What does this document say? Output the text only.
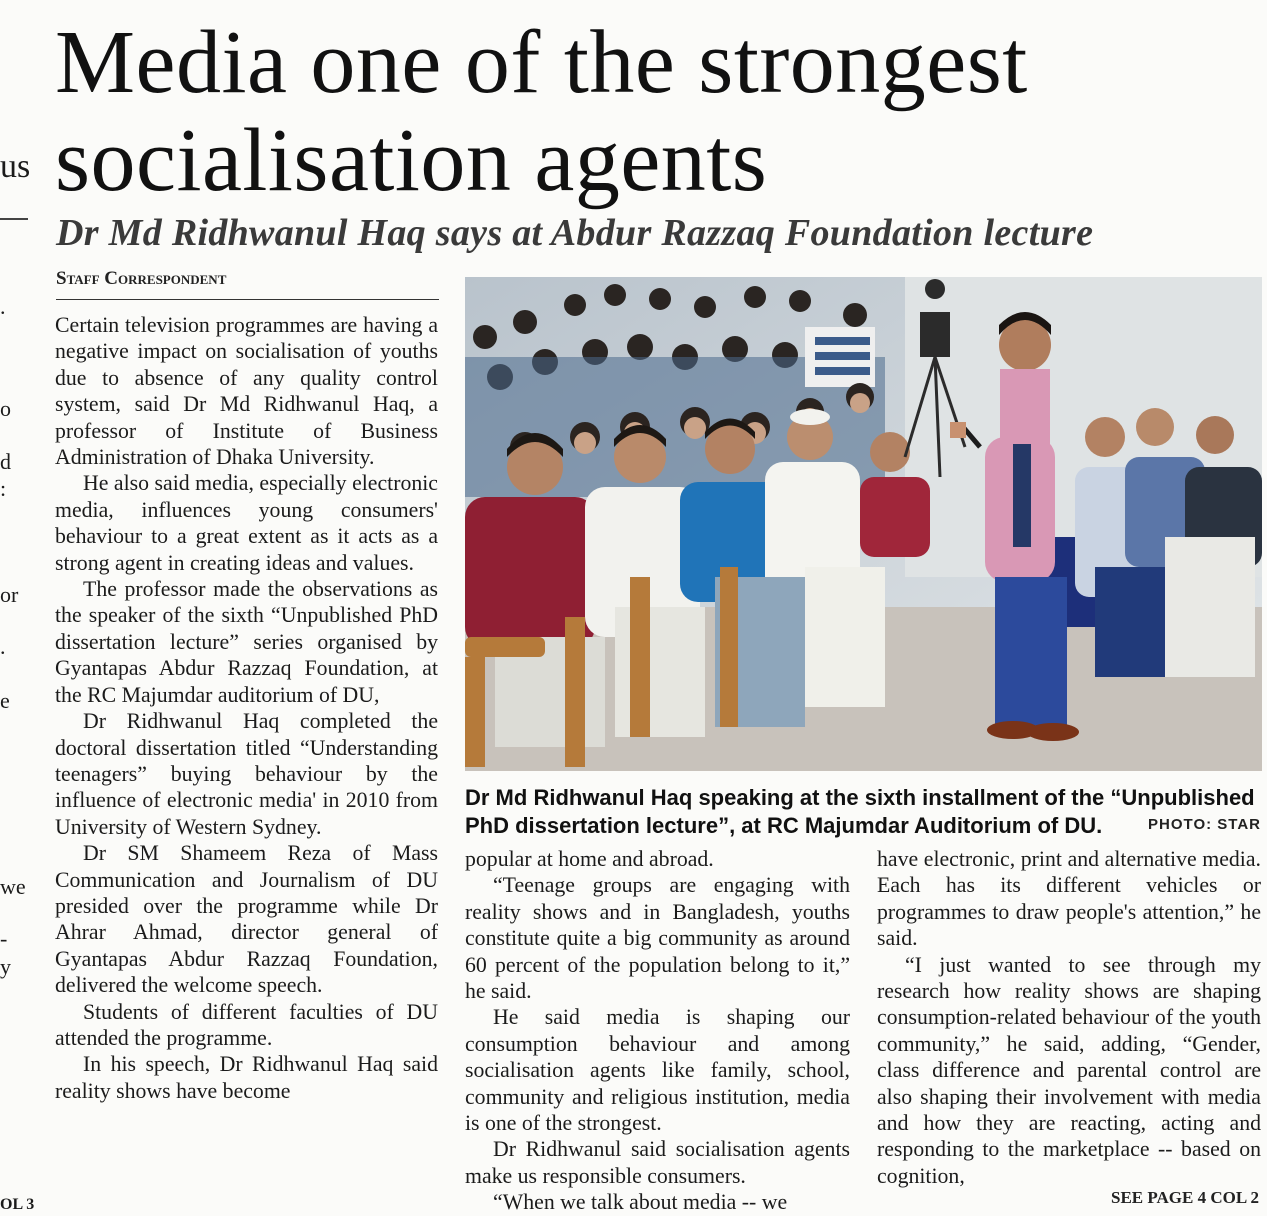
us
.
o
d
:
or
.
e
we
-
y
OL 3
Media one of the strongest socialisation agents
Dr Md Ridhwanul Haq says at Abdur Razzaq Foundation lecture
Staff Correspondent

Certain television programmes are having a negative impact on socialisation of youths due to absence of any quality control system, said Dr Md Ridhwanul Haq, a professor of Institute of Business Administration of Dhaka University.

He also said media, especially electronic media, influences young consumers' behaviour to a great extent as it acts as a strong agent in creating ideas and values.

The professor made the observations as the speaker of the sixth “Unpublished PhD dissertation lecture” series organised by Gyantapas Abdur Razzaq Foundation, at the RC Majumdar auditorium of DU,

Dr Ridhwanul Haq completed the doctoral dissertation titled “Understanding teenagers” buying behaviour by the influence of electronic media' in 2010 from University of Western Sydney.

Dr SM Shameem Reza of Mass Communication and Journalism of DU presided over the programme while Dr Ahrar Ahmad, director general of Gyantapas Abdur Razzaq Foundation, delivered the welcome speech.

Students of different faculties of DU attended the programme.

In his speech, Dr Ridhwanul Haq said reality shows have become

Dr Md Ridhwanul Haq speaking at the sixth installment of the “Unpublished PhD dissertation lecture”, at RC Majumdar Auditorium of DU.	PHOTO: STAR

popular at home and abroad.

“Teenage groups are engaging with reality shows and in Bangladesh, youths constitute quite a big community as around 60 percent of the population belong to it,” he said.

He said media is shaping our consumption behaviour and among socialisation agents like family, school, community and religious institution, media is one of the strongest.

Dr Ridhwanul said socialisation agents make us responsible consumers.

“When we talk about media -- we

have electronic, print and alternative media. Each has its different vehicles or programmes to draw people's attention,” he said.

“I just wanted to see through my research how reality shows are shaping consumption-related behaviour of the youth community,” he said, adding, “Gender, class difference and parental control are also shaping their involvement with media and how they are reacting, acting and responding to the marketplace -- based on cognition,

SEE PAGE 4 COL 2
